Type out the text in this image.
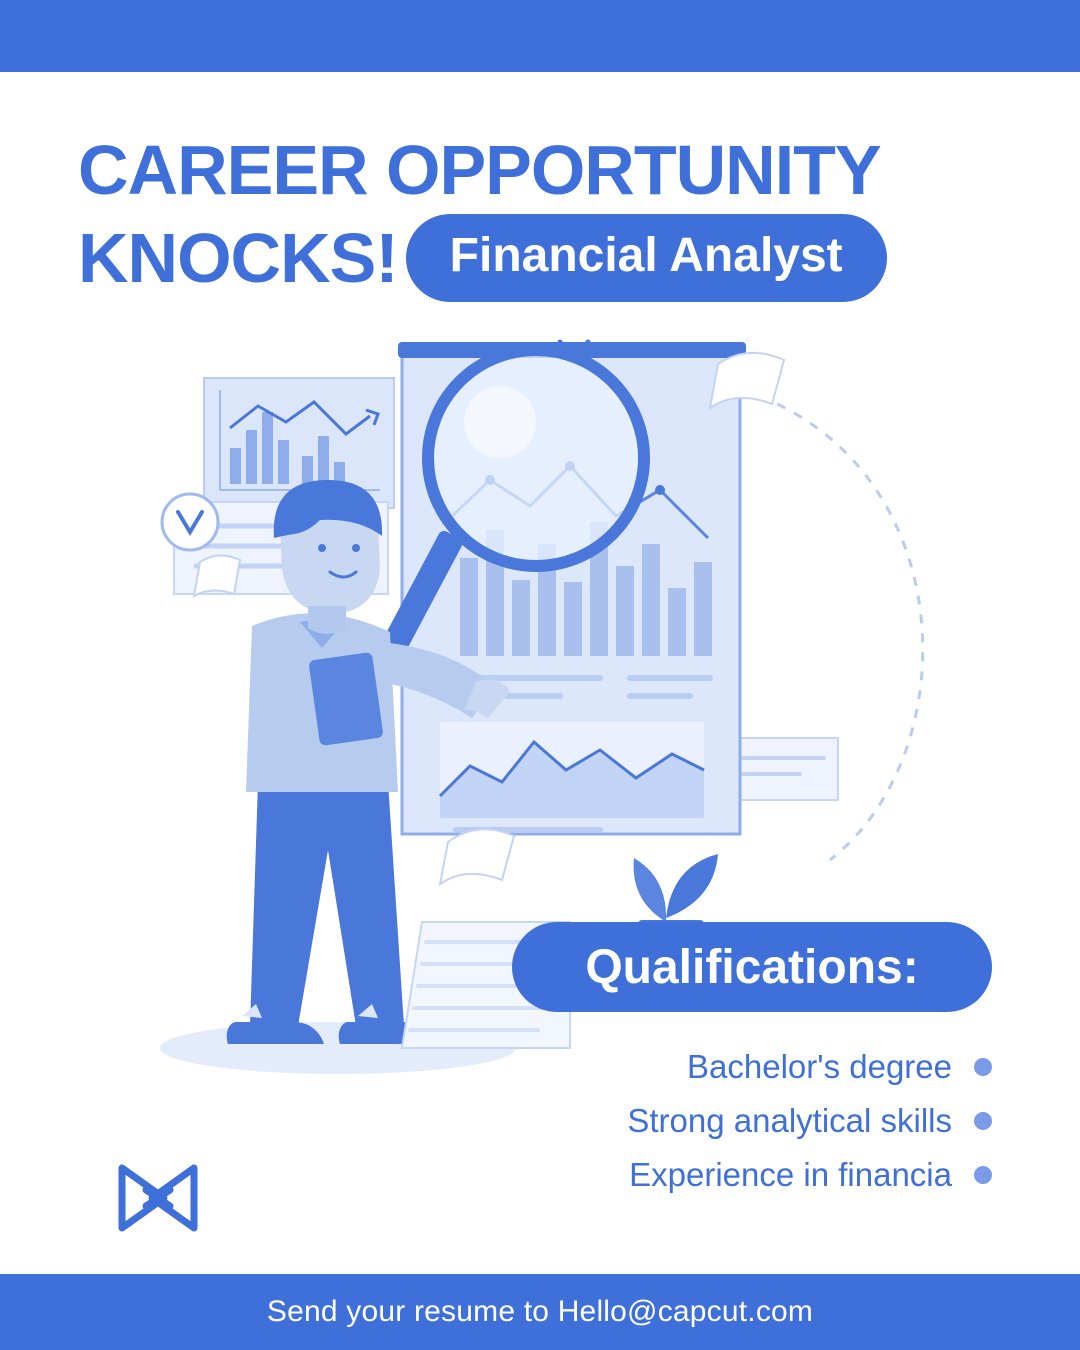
CAREER OPPORTUNITY
KNOCKS!	Financial Analyst
Qualifications:
Bachelor's degree
Strong analytical skills
Experience in financia
Send your resume to Hello@capcut.com
